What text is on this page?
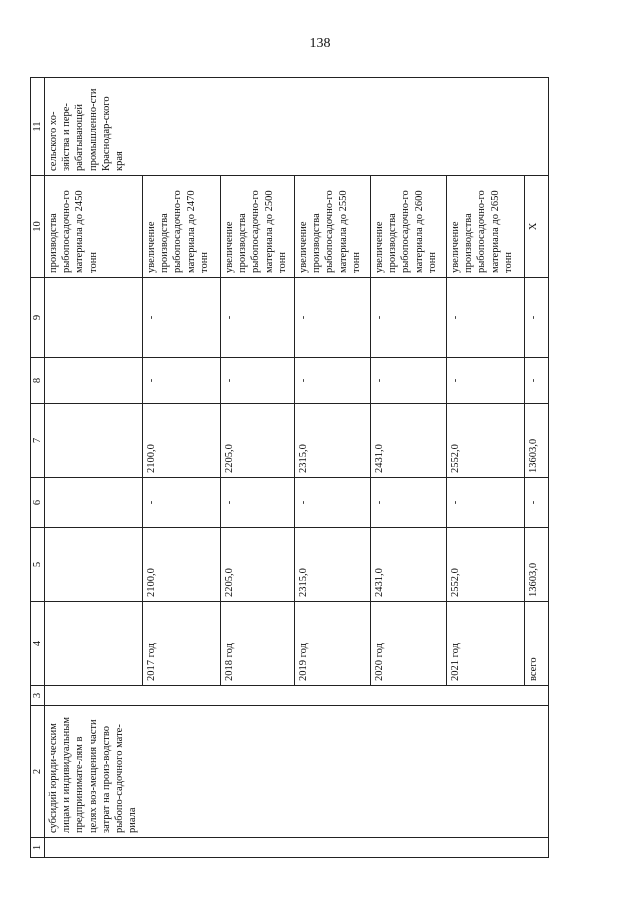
138
1	2	3	4	5	6	7	8	9	10	11
	субсидий юриди-ческим лицам и индивидуальным предпринимате-лям в целях воз-мещения части затрат на произ-водство рыбопо-садочного мате-риала								производства рыбопосадочно-го материала до 2450 тонн	сельского хо-зяйства и пере-рабатывающей промышленно-сти Краснодар-ского края
			2017 год	2100,0	-	2100,0	-	-	увеличение производства рыбопосадочно-го материала до 2470 тонн	
			2018 год	2205,0	-	2205,0	-	-	увеличение производства рыбопосадочно-го материала до 2500 тонн	
			2019 год	2315,0	-	2315,0	-	-	увеличение производства рыбопосадочно-го материала до 2550 тонн	
			2020 год	2431,0	-	2431,0	-	-	увеличение производства рыбопосадочно-го материала до 2600 тонн	
			2021 год	2552,0	-	2552,0	-	-	увеличение производства рыбопосадочно-го материала до 2650 тонн	
			всего	13603,0	-	13603,0	-	-	X	
